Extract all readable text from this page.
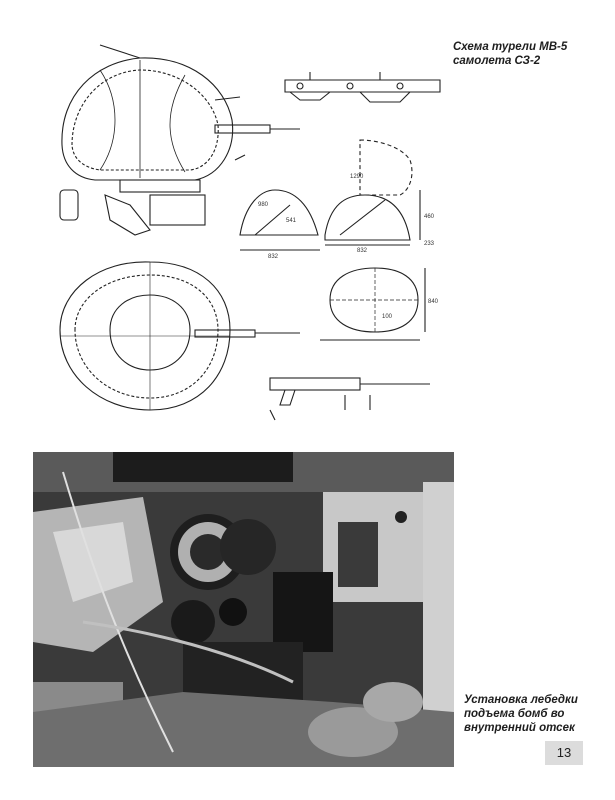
832
832
980
460
840
1290
233
100
541
Схема турели МВ-5 самолета СЗ-2
Установка лебедки подъема бомб во внутренний отсек
13
